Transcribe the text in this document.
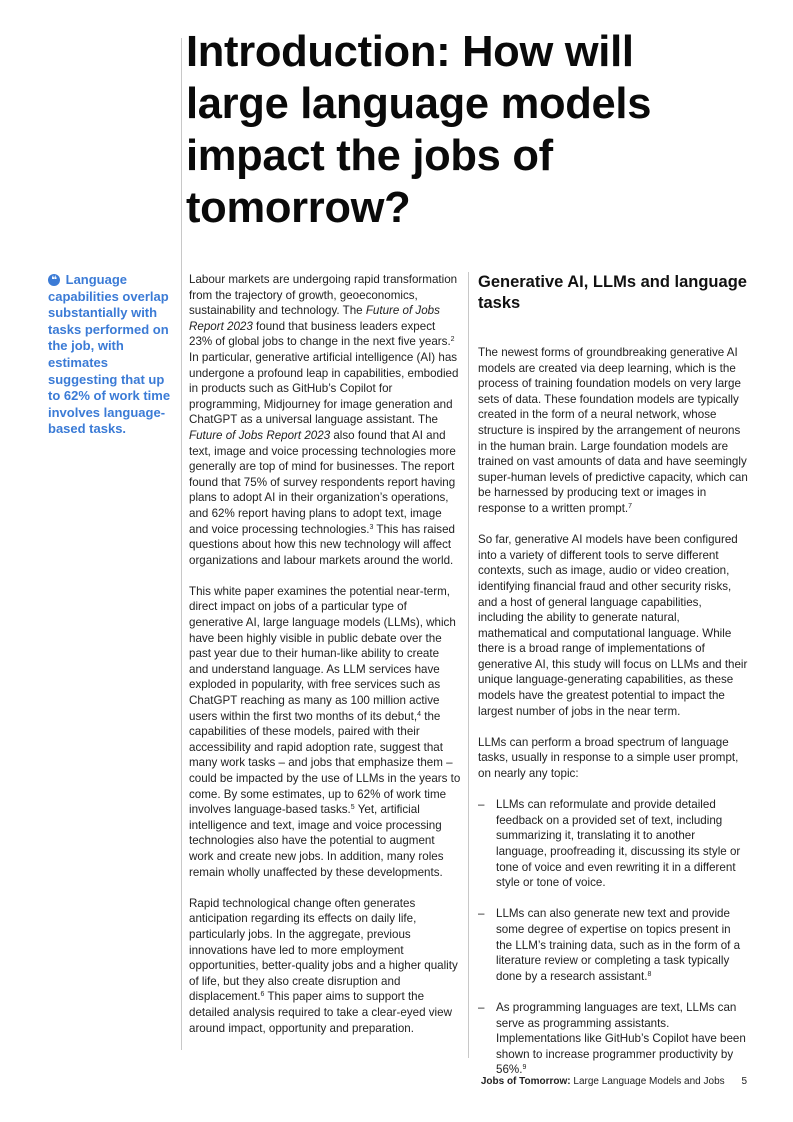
Introduction: How will large language models impact the jobs of tomorrow?
❝ Language capabilities overlap substantially with tasks performed on the job, with estimates suggesting that up to 62% of work time involves language-based tasks.

Labour markets are undergoing rapid transformation from the trajectory of growth, geoeconomics, sustainability and technology. The Future of Jobs Report 2023 found that business leaders expect 23% of global jobs to change in the next five years.$^2$ In particular, generative artificial intelligence (AI) has undergone a profound leap in capabilities, embodied in products such as GitHub’s Copilot for programming, Midjourney for image generation and ChatGPT as a universal language assistant. The Future of Jobs Report 2023 also found that AI and text, image and voice processing technologies more generally are top of mind for businesses. The report found that 75% of survey respondents report having plans to adopt AI in their organization’s operations, and 62% report having plans to adopt text, image and voice processing technologies.$^3$ This has raised questions about how this new technology will affect organizations and labour markets around the world.

This white paper examines the potential near-term, direct impact on jobs of a particular type of generative AI, large language models (LLMs), which have been highly visible in public debate over the past year due to their human-like ability to create and understand language. As LLM services have exploded in popularity, with free services such as ChatGPT reaching as many as 100 million active users within the first two months of its debut,$^4$ the capabilities of these models, paired with their accessibility and rapid adoption rate, suggest that many work tasks – and jobs that emphasize them – could be impacted by the use of LLMs in the years to come. By some estimates, up to 62% of work time involves language-based tasks.$^5$ Yet, artificial intelligence and text, image and voice processing technologies also have the potential to augment work and create new jobs. In addition, many roles remain wholly unaffected by these developments.

Rapid technological change often generates anticipation regarding its effects on daily life, particularly jobs. In the aggregate, previous innovations have led to more employment opportunities, better-quality jobs and a higher quality of life, but they also create disruption and displacement.$^6$ This paper aims to support the detailed analysis required to take a clear-eyed view around impact, opportunity and preparation.

Generative AI, LLMs and language tasks

The newest forms of groundbreaking generative AI models are created via deep learning, which is the process of training foundation models on very large sets of data. These foundation models are typically created in the form of a neural network, whose structure is inspired by the arrangement of neurons in the human brain. Large foundation models are trained on vast amounts of data and have seemingly super-human levels of predictive capacity, which can be harnessed by producing text or images in response to a written prompt.$^7$

So far, generative AI models have been configured into a variety of different tools to serve different contexts, such as image, audio or video creation, identifying financial fraud and other security risks, and a host of general language capabilities, including the ability to generate natural, mathematical and computational language. While there is a broad range of implementations of generative AI, this study will focus on LLMs and their unique language-generating capabilities, as these models have the greatest potential to impact the largest number of jobs in the near term.

LLMs can perform a broad spectrum of language tasks, usually in response to a simple user prompt, on nearly any topic:

– LLMs can reformulate and provide detailed feedback on a provided set of text, including summarizing it, translating it to another language, proofreading it, discussing its style or tone of voice and even rewriting it in a different style or tone of voice.
– LLMs can also generate new text and provide some degree of expertise on topics present in the LLM’s training data, such as in the form of a literature review or completing a task typically done by a research assistant.$^8$
– As programming languages are text, LLMs can serve as programming assistants. Implementations like GitHub’s Copilot have been shown to increase programmer productivity by 56%.$^9$
Jobs of Tomorrow: Large Language Models and Jobs 5
